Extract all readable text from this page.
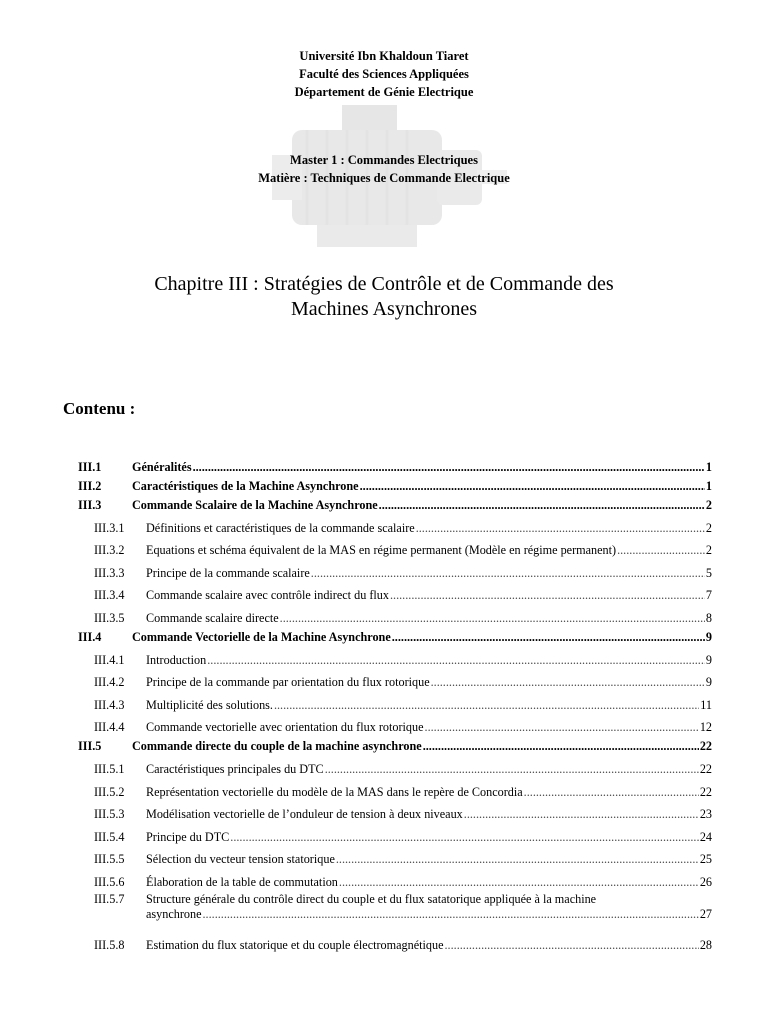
Université Ibn Khaldoun Tiaret
Faculté des Sciences Appliquées
Département de Génie Electrique
Master 1 : Commandes Electriques
Matière : Techniques de Commande Electrique
Chapitre III : Stratégies de Contrôle et de Commande des
Machines Asynchrones
Contenu :
III.1	Généralités .....	1
III.2	Caractéristiques de la Machine Asynchrone .....	1
III.3	Commande Scalaire de la Machine Asynchrone .....	2
III.3.1	Définitions et caractéristiques de la commande scalaire .....	2
III.3.2	Equations et schéma équivalent de la MAS en régime permanent (Modèle en régime permanent) .....	2
III.3.3	Principe de la commande scalaire .....	5
III.3.4	Commande scalaire avec contrôle indirect du flux .....	7
III.3.5	Commande scalaire directe .....	8
III.4	Commande Vectorielle de la Machine Asynchrone .....	9
III.4.1	Introduction .....	9
III.4.2	Principe de la commande par orientation du flux rotorique .....	9
III.4.3	Multiplicité des solutions. .....	11
III.4.4	Commande vectorielle avec orientation du flux rotorique .....	12
III.5	Commande directe du couple de la machine asynchrone .....	22
III.5.1	Caractéristiques principales du DTC .....	22
III.5.2	Représentation vectorielle du modèle de la MAS dans le repère de Concordia .....	22
III.5.3	Modélisation vectorielle de l’onduleur de tension à deux niveaux .....	23
III.5.4	Principe du DTC .....	24
III.5.5	Sélection du vecteur tension statorique .....	25
III.5.6	Élaboration de la table de commutation .....	26
III.5.7	Structure générale du contrôle direct du couple et du flux satatorique appliquée à la machine
asynchrone .....	27
III.5.8	Estimation du flux statorique et du couple électromagnétique .....	28
